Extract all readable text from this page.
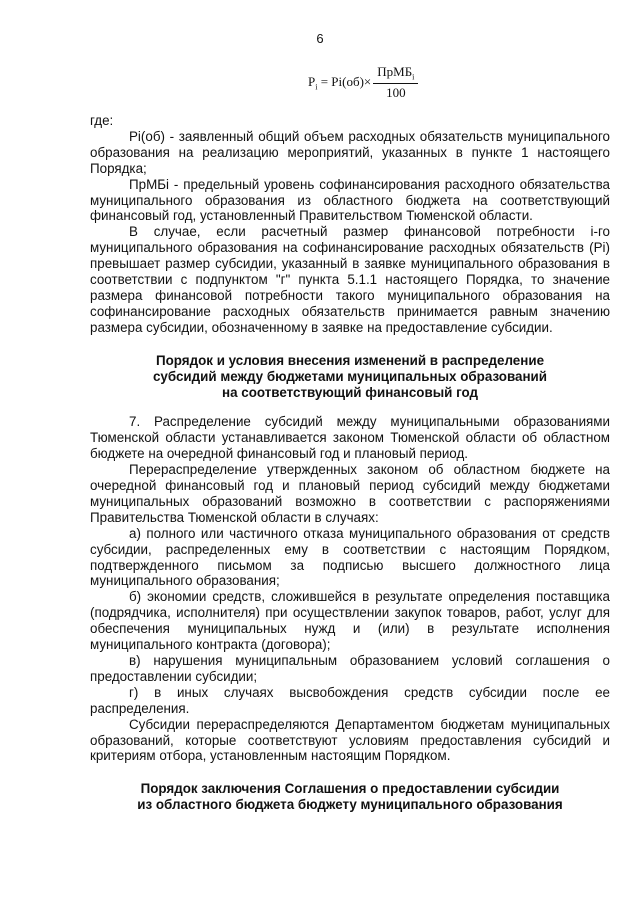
6
$P_i = Pi(об)\times \frac{ПрМБ_i}{100}$

где:

Pi(об) - заявленный общий объем расходных обязательств муниципального образования на реализацию мероприятий, указанных в пункте 1 настоящего Порядка;

ПрМБi - предельный уровень софинансирования расходного обязательства муниципального образования из областного бюджета на соответствующий финансовый год, установленный Правительством Тюменской области.

В случае, если расчетный размер финансовой потребности i-го муниципального образования на софинансирование расходных обязательств (Pi) превышает размер субсидии, указанный в заявке муниципального образования в соответствии с подпунктом "г" пункта 5.1.1 настоящего Порядка, то значение размера финансовой потребности такого муниципального образования на софинансирование расходных обязательств принимается равным значению размера субсидии, обозначенному в заявке на предоставление субсидии.

Порядок и условия внесения изменений в распределение
субсидий между бюджетами муниципальных образований
на соответствующий финансовый год

7. Распределение субсидий между муниципальными образованиями Тюменской области устанавливается законом Тюменской области об областном бюджете на очередной финансовый год и плановый период.

Перераспределение утвержденных законом об областном бюджете на очередной финансовый год и плановый период субсидий между бюджетами муниципальных образований возможно в соответствии с распоряжениями Правительства Тюменской области в случаях:

а) полного или частичного отказа муниципального образования от средств субсидии, распределенных ему в соответствии с настоящим Порядком, подтвержденного письмом за подписью высшего должностного лица муниципального образования;

б) экономии средств, сложившейся в результате определения поставщика (подрядчика, исполнителя) при осуществлении закупок товаров, работ, услуг для обеспечения муниципальных нужд и (или) в результате исполнения муниципального контракта (договора);

в) нарушения муниципальным образованием условий соглашения о предоставлении субсидии;

г) в иных случаях высвобождения средств субсидии после ее распределения.

Субсидии перераспределяются Департаментом бюджетам муниципальных образований, которые соответствуют условиям предоставления субсидий и критериям отбора, установленным настоящим Порядком.

Порядок заключения Соглашения о предоставлении субсидии
из областного бюджета бюджету муниципального образования
